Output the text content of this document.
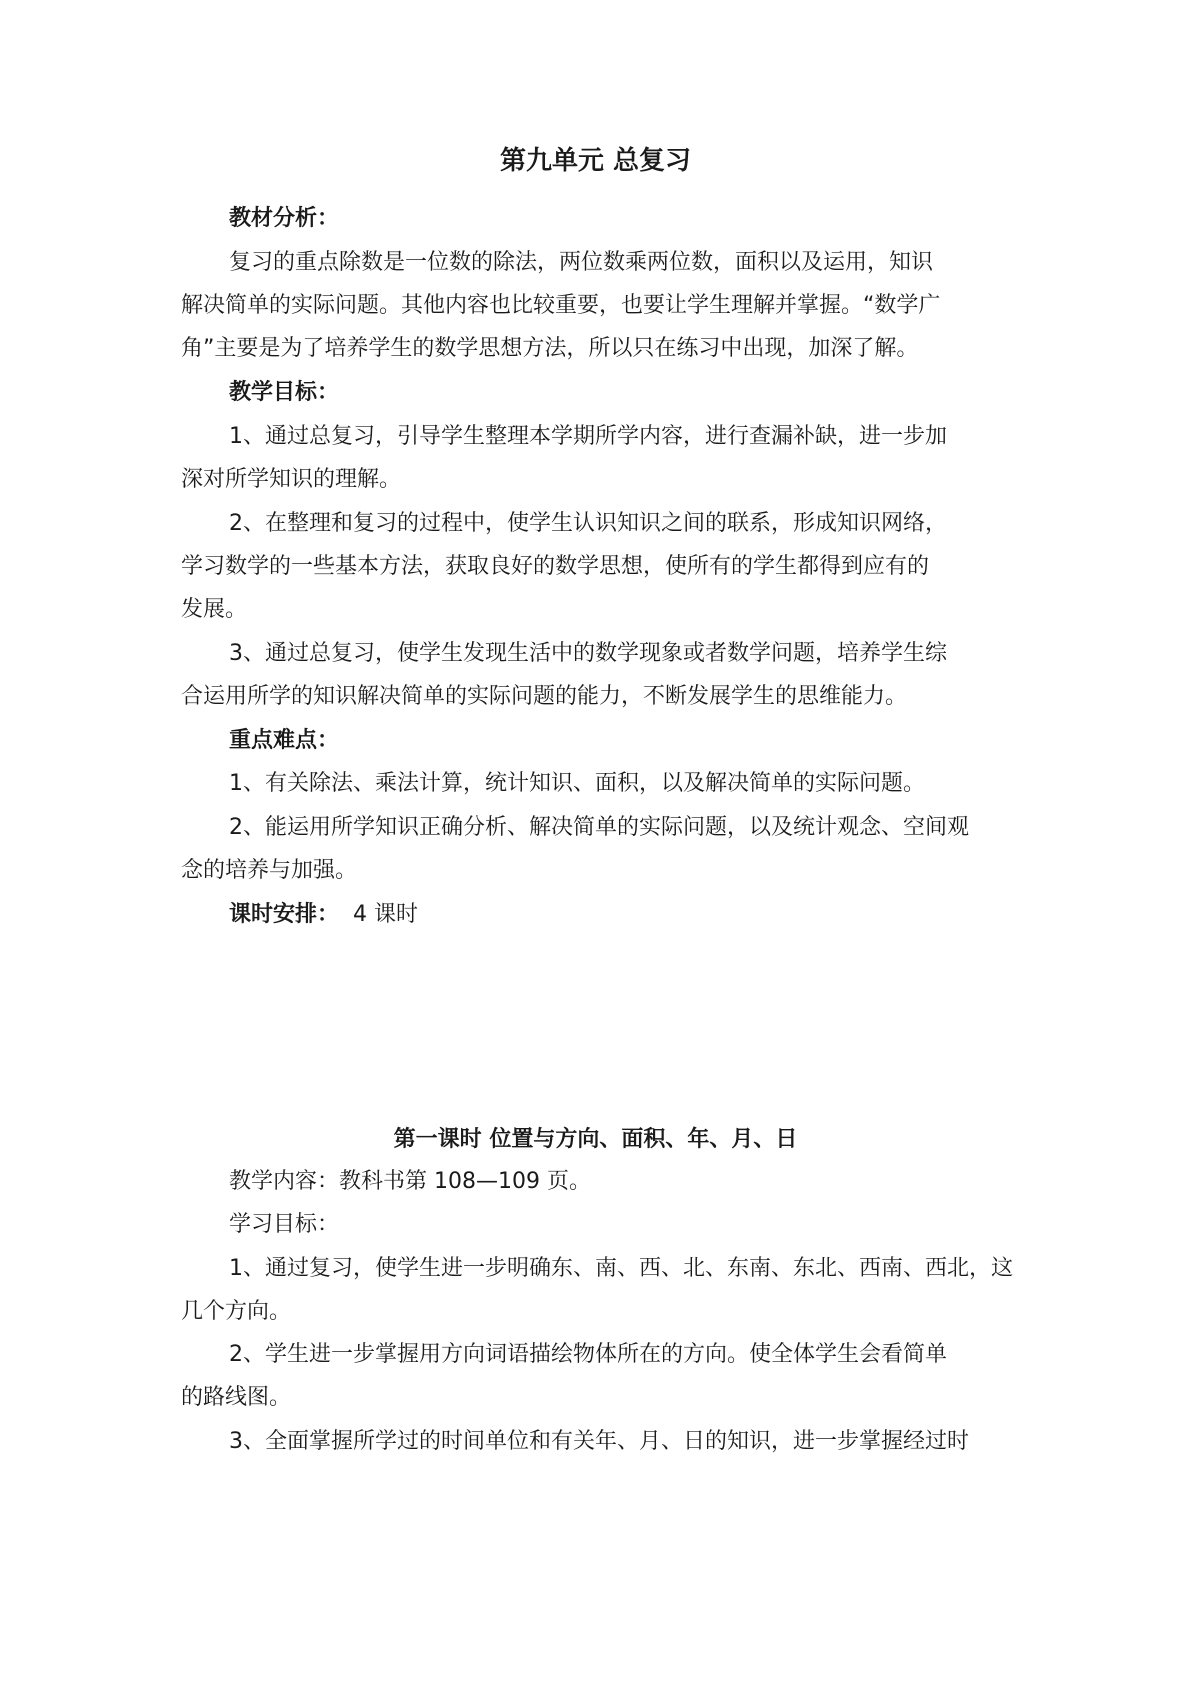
第九单元 总复习
教材分析：
复习的重点除数是一位数的除法，两位数乘两位数，面积以及运用，知识
解决简单的实际问题。其他内容也比较重要，也要让学生理解并掌握。“数学广
角”主要是为了培养学生的数学思想方法，所以只在练习中出现，加深了解。
教学目标：
1、通过总复习，引导学生整理本学期所学内容，进行查漏补缺，进一步加
深对所学知识的理解。
2、在整理和复习的过程中，使学生认识知识之间的联系，形成知识网络，
学习数学的一些基本方法，获取良好的数学思想，使所有的学生都得到应有的
发展。
3、通过总复习，使学生发现生活中的数学现象或者数学问题，培养学生综
合运用所学的知识解决简单的实际问题的能力，不断发展学生的思维能力。
重点难点：
1、有关除法、乘法计算，统计知识、面积，以及解决简单的实际问题。
2、能运用所学知识正确分析、解决简单的实际问题，以及统计观念、空间观
念的培养与加强。
课时安排： 4 课时
第一课时 位置与方向、面积、年、月、日
教学内容：教科书第 108—109 页。
学习目标：
1、通过复习，使学生进一步明确东、南、西、北、东南、东北、西南、西北，这
几个方向。
2、学生进一步掌握用方向词语描绘物体所在的方向。使全体学生会看简单
的路线图。
3、全面掌握所学过的时间单位和有关年、月、日的知识，进一步掌握经过时
